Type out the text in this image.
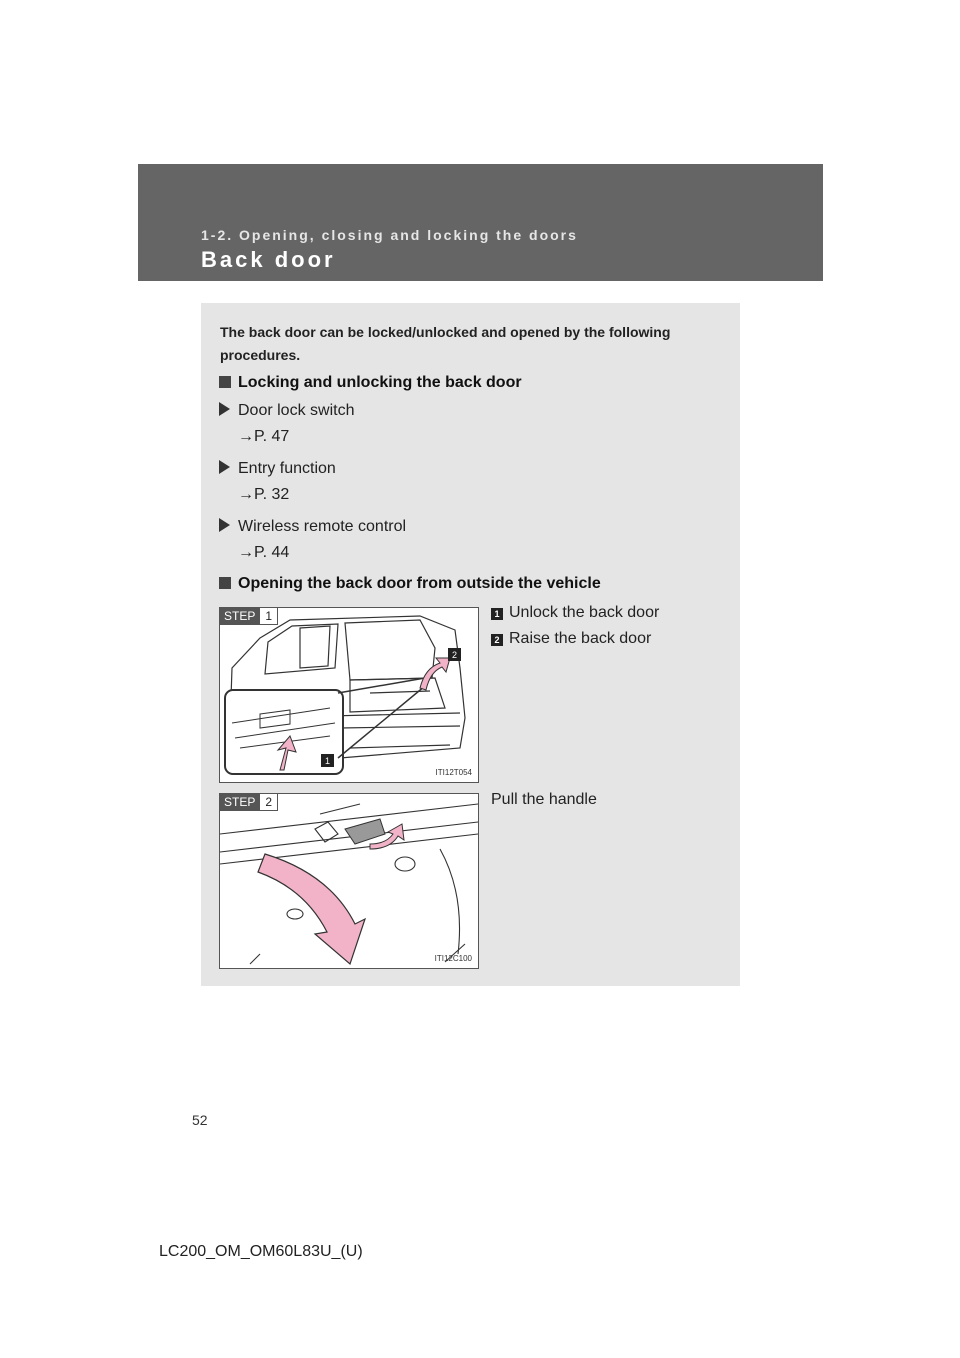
1-2. Opening, closing and locking the doors
Back door
The back door can be locked/unlocked and opened by the following procedures.
Locking and unlocking the back door
Door lock switch
→P. 47
Entry function
→P. 32
Wireless remote control
→P. 44
Opening the back door from outside the vehicle
2
1
STEP 1
ITI12T054
1 Unlock the back door
2 Raise the back door
STEP 2
ITI12C100
Pull the handle
52
LC200_OM_OM60L83U_(U)
